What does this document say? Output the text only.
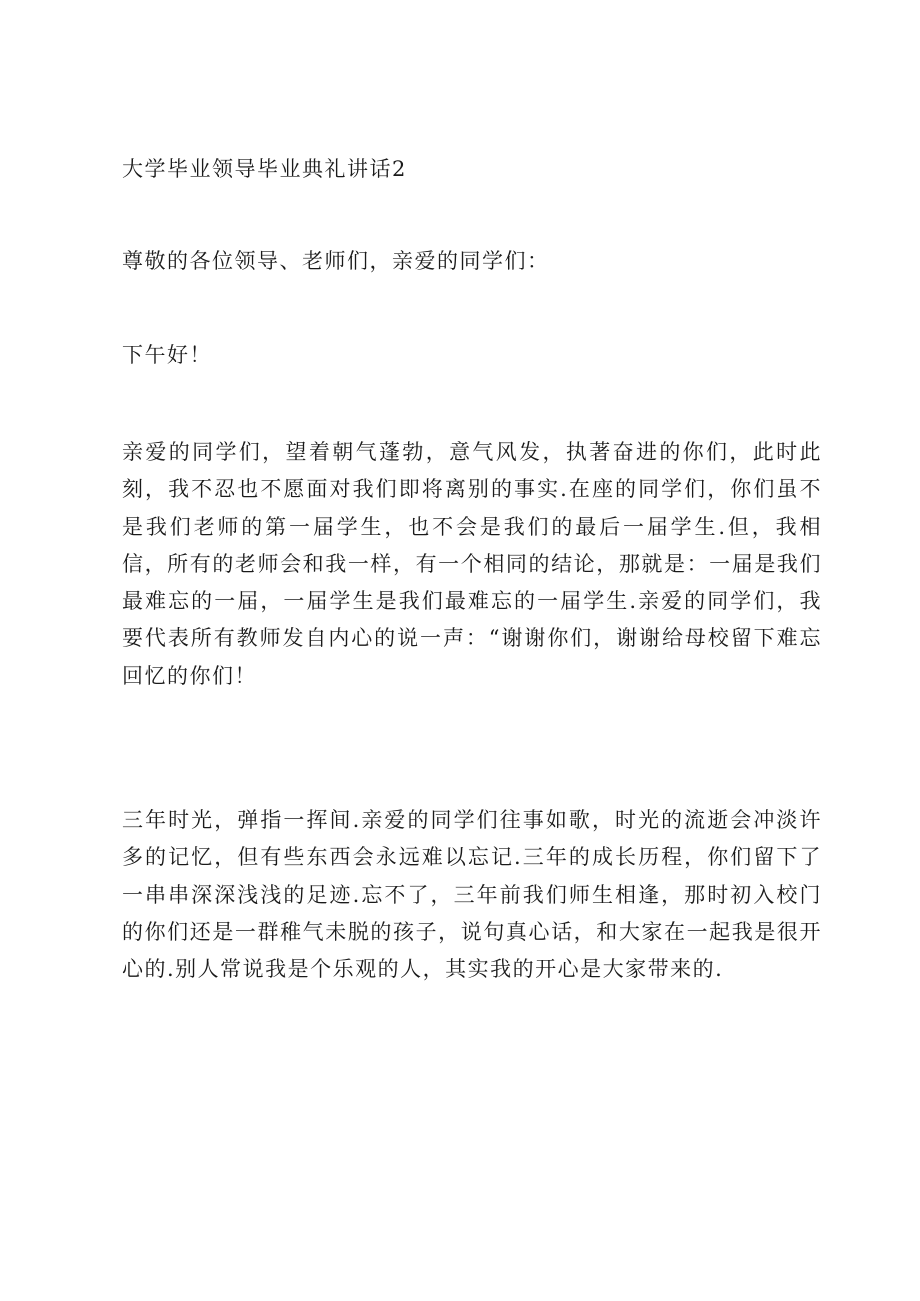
大学毕业领导毕业典礼讲话2

尊敬的各位领导、老师们，亲爱的同学们：

下午好！

亲爱的同学们，望着朝气蓬勃，意气风发，执著奋进的你们，此时此刻，我不忍也不愿面对我们即将离别的事实.在座的同学们，你们虽不是我们老师的第一届学生，也不会是我们的最后一届学生.但，我相信，所有的老师会和我一样，有一个相同的结论，那就是：一届是我们最难忘的一届，一届学生是我们最难忘的一届学生.亲爱的同学们，我要代表所有教师发自内心的说一声：“谢谢你们，谢谢给母校留下难忘回忆的你们！

三年时光，弹指一挥间.亲爱的同学们往事如歌，时光的流逝会冲淡许多的记忆，但有些东西会永远难以忘记.三年的成长历程，你们留下了一串串深深浅浅的足迹.忘不了，三年前我们师生相逢，那时初入校门的你们还是一群稚气未脱的孩子，说句真心话，和大家在一起我是很开心的.别人常说我是个乐观的人，其实我的开心是大家带来的.
